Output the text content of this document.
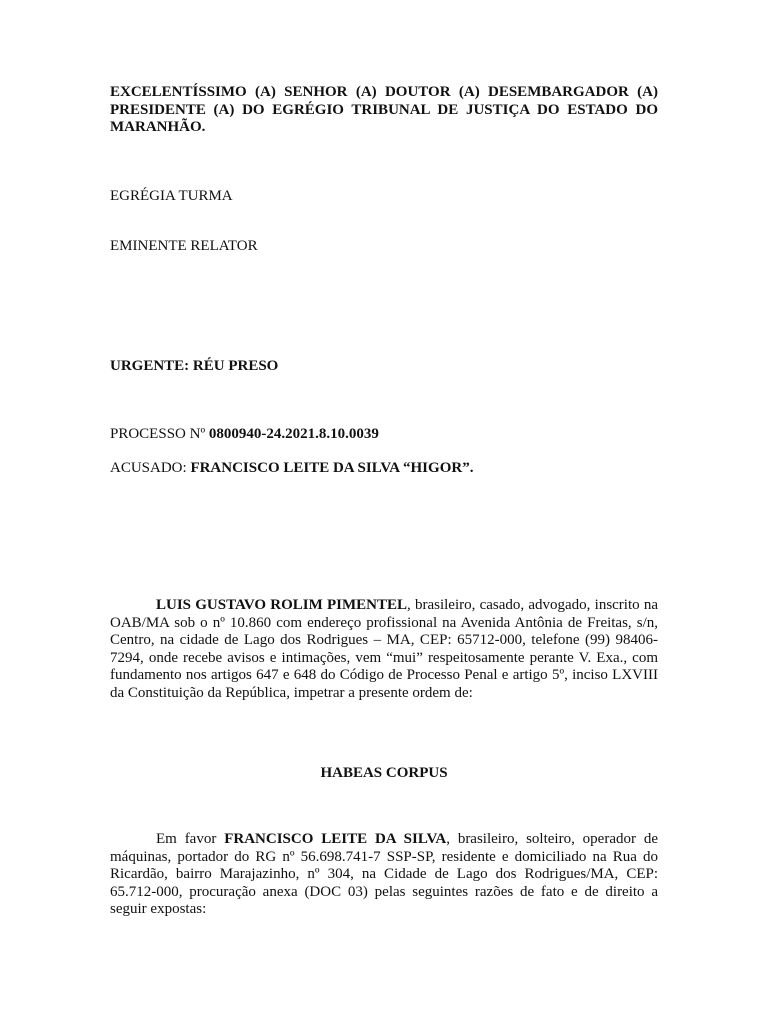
EXCELENTÍSSIMO (A) SENHOR (A) DOUTOR (A) DESEMBARGADOR (A) PRESIDENTE (A) DO EGRÉGIO TRIBUNAL DE JUSTIÇA DO ESTADO DO MARANHÃO.
EGRÉGIA TURMA
EMINENTE RELATOR
URGENTE: RÉU PRESO
PROCESSO Nº 0800940-24.2021.8.10.0039
ACUSADO: FRANCISCO LEITE DA SILVA “HIGOR”.
LUIS GUSTAVO ROLIM PIMENTEL, brasileiro, casado, advogado, inscrito na OAB/MA sob o nº 10.860 com endereço profissional na Avenida Antônia de Freitas, s/n, Centro, na cidade de Lago dos Rodrigues – MA, CEP: 65712-000, telefone (99) 98406-7294, onde recebe avisos e intimações, vem “mui” respeitosamente perante V. Exa., com fundamento nos artigos 647 e 648 do Código de Processo Penal e artigo 5º, inciso LXVIII da Constituição da República, impetrar a presente ordem de:
HABEAS CORPUS
Em favor FRANCISCO LEITE DA SILVA, brasileiro, solteiro, operador de máquinas, portador do RG nº 56.698.741-7 SSP-SP, residente e domiciliado na Rua do Ricardão, bairro Marajazinho, nº 304, na Cidade de Lago dos Rodrigues/MA, CEP: 65.712-000, procuração anexa (DOC 03) pelas seguintes razões de fato e de direito a seguir expostas:
